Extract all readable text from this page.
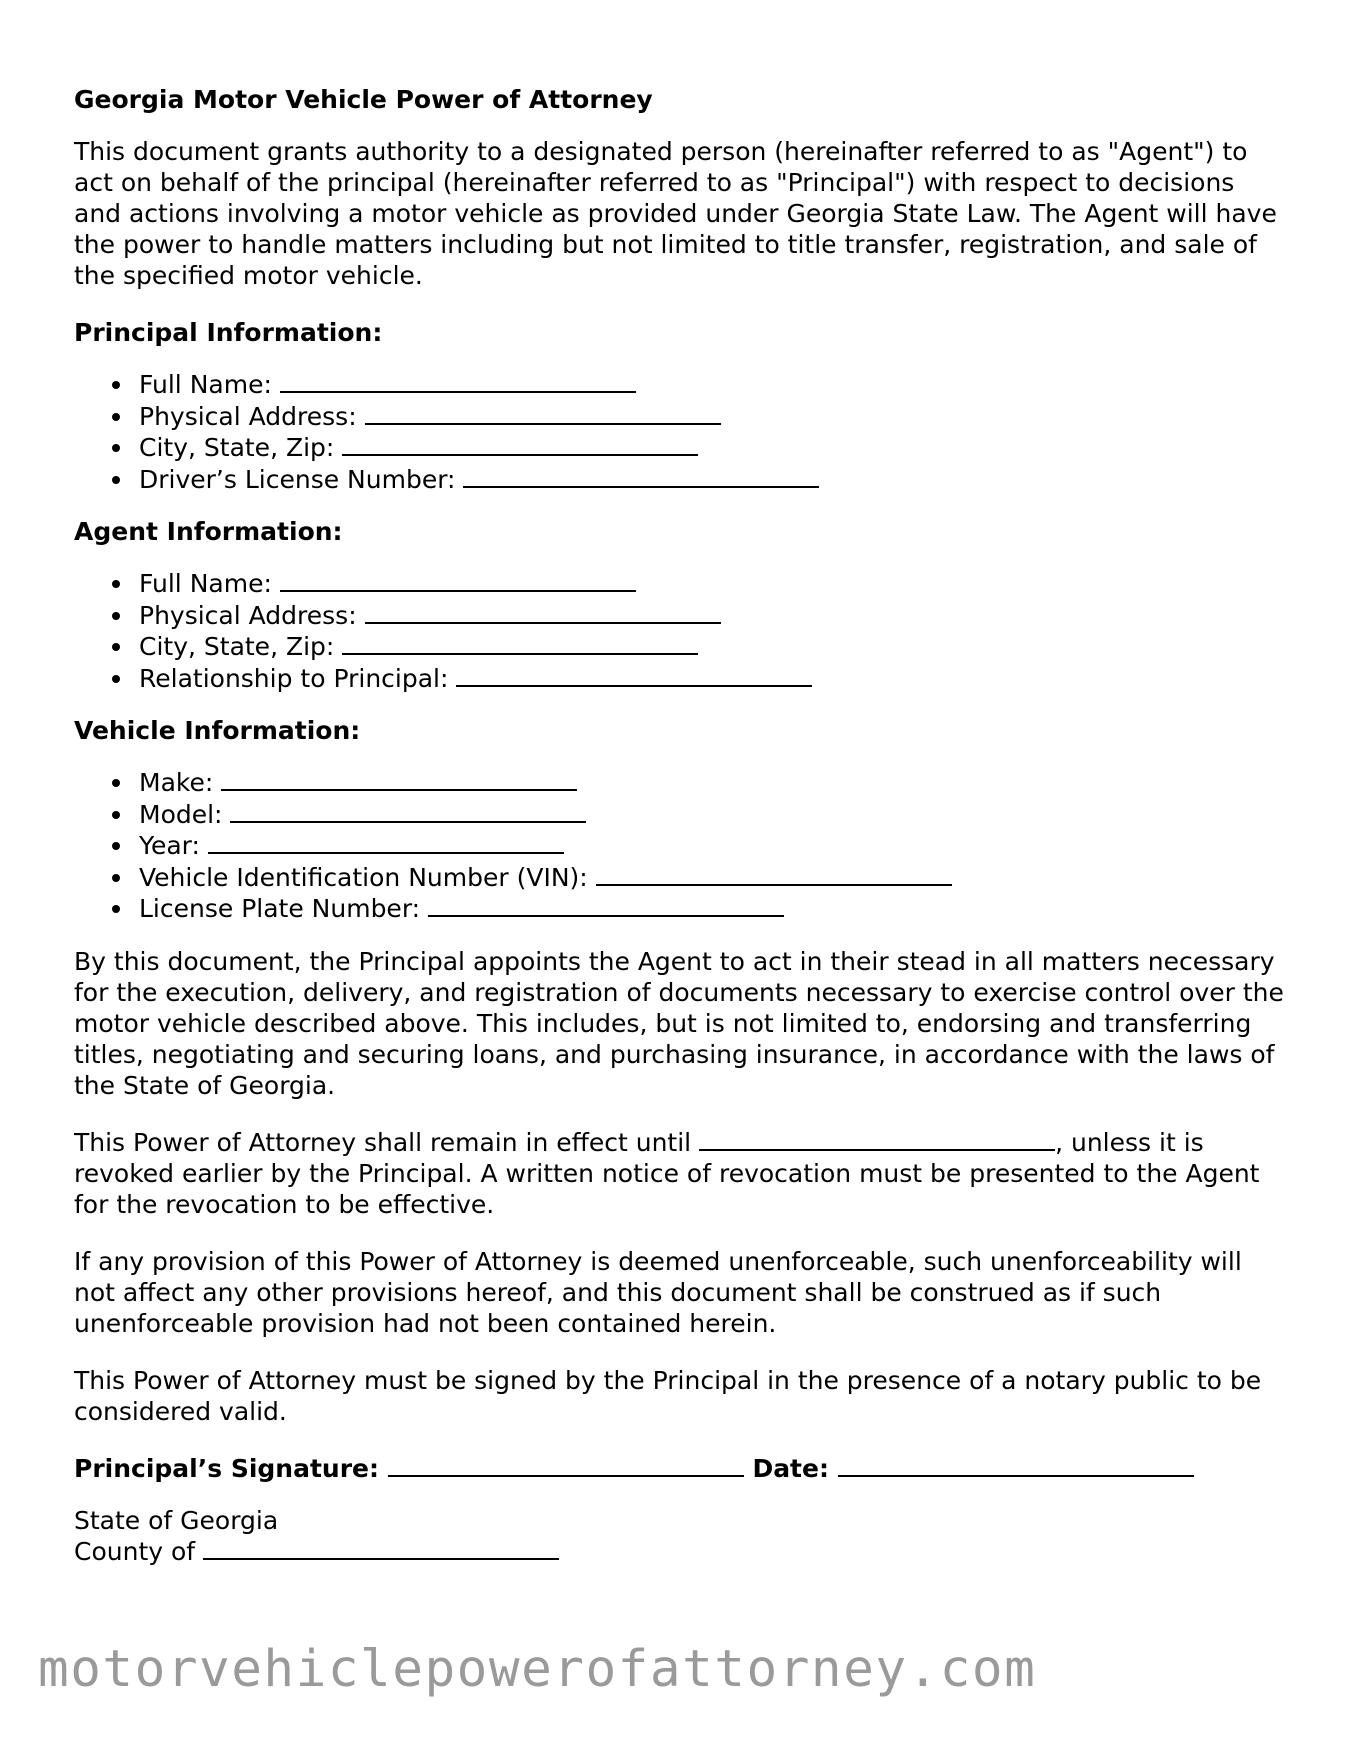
Georgia Motor Vehicle Power of Attorney

This document grants authority to a designated person (hereinafter referred to as "Agent") to act on behalf of the principal (hereinafter referred to as "Principal") with respect to decisions and actions involving a motor vehicle as provided under Georgia State Law. The Agent will have the power to handle matters including but not limited to title transfer, registration, and sale of the specified motor vehicle.

Principal Information:
Full Name:
Physical Address:
City, State, Zip:
Driver’s License Number:
Agent Information:
Full Name:
Physical Address:
City, State, Zip:
Relationship to Principal:
Vehicle Information:
Make:
Model:
Year:
Vehicle Identification Number (VIN):
License Plate Number:

By this document, the Principal appoints the Agent to act in their stead in all matters necessary for the execution, delivery, and registration of documents necessary to exercise control over the motor vehicle described above. This includes, but is not limited to, endorsing and transferring titles, negotiating and securing loans, and purchasing insurance, in accordance with the laws of the State of Georgia.

This Power of Attorney shall remain in effect until	, unless it is revoked earlier by the Principal. A written notice of revocation must be presented to the Agent for the revocation to be effective.

If any provision of this Power of Attorney is deemed unenforceable, such unenforceability will not affect any other provisions hereof, and this document shall be construed as if such unenforceable provision had not been contained herein.

This Power of Attorney must be signed by the Principal in the presence of a notary public to be considered valid.

Principal’s Signature:	Date:
State of Georgia
County of
motorvehiclepowerofattorney.com
